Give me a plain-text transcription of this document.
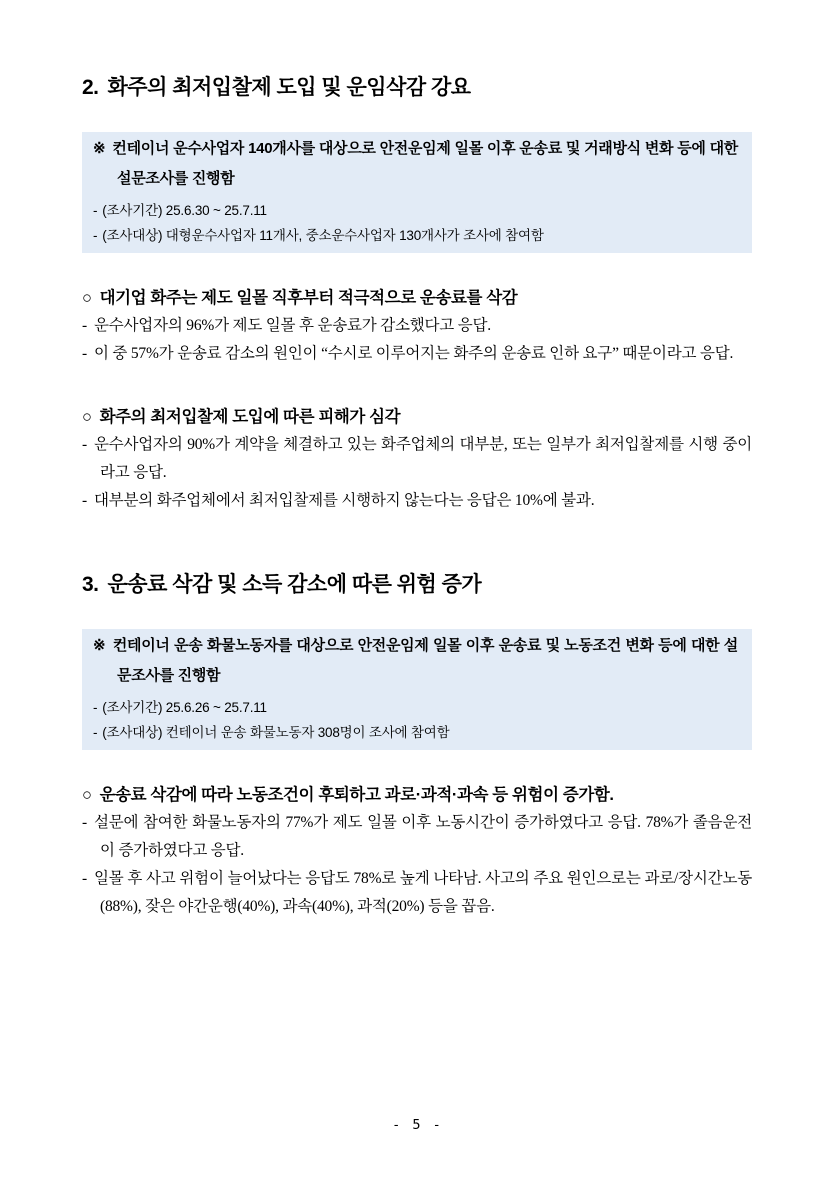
2. 화주의 최저입찰제 도입 및 운임삭감 강요
※ 컨테이너 운수사업자 140개사를 대상으로 안전운임제 일몰 이후 운송료 및 거래방식 변화 등에 대한 설문조사를 진행함
- (조사기간) 25.6.30 ~ 25.7.11
- (조사대상) 대형운수사업자 11개사, 중소운수사업자 130개사가 조사에 참여함
○ 대기업 화주는 제도 일몰 직후부터 적극적으로 운송료를 삭감
- 운수사업자의 96%가 제도 일몰 후 운송료가 감소했다고 응답.
- 이 중 57%가 운송료 감소의 원인이 “수시로 이루어지는 화주의 운송료 인하 요구” 때문이라고 응답.
○ 화주의 최저입찰제 도입에 따른 피해가 심각
- 운수사업자의 90%가 계약을 체결하고 있는 화주업체의 대부분, 또는 일부가 최저입찰제를 시행 중이라고 응답.
- 대부분의 화주업체에서 최저입찰제를 시행하지 않는다는 응답은 10%에 불과.
3. 운송료 삭감 및 소득 감소에 따른 위험 증가
※ 컨테이너 운송 화물노동자를 대상으로 안전운임제 일몰 이후 운송료 및 노동조건 변화 등에 대한 설문조사를 진행함
- (조사기간) 25.6.26 ~ 25.7.11
- (조사대상) 컨테이너 운송 화물노동자 308명이 조사에 참여함
○ 운송료 삭감에 따라 노동조건이 후퇴하고 과로·과적·과속 등 위험이 증가함.
- 설문에 참여한 화물노동자의 77%가 제도 일몰 이후 노동시간이 증가하였다고 응답. 78%가 졸음운전이 증가하였다고 응답.
- 일몰 후 사고 위험이 늘어났다는 응답도 78%로 높게 나타남. 사고의 주요 원인으로는 과로/장시간노동(88%), 잦은 야간운행(40%), 과속(40%), 과적(20%) 등을 꼽음.
- 5 -
